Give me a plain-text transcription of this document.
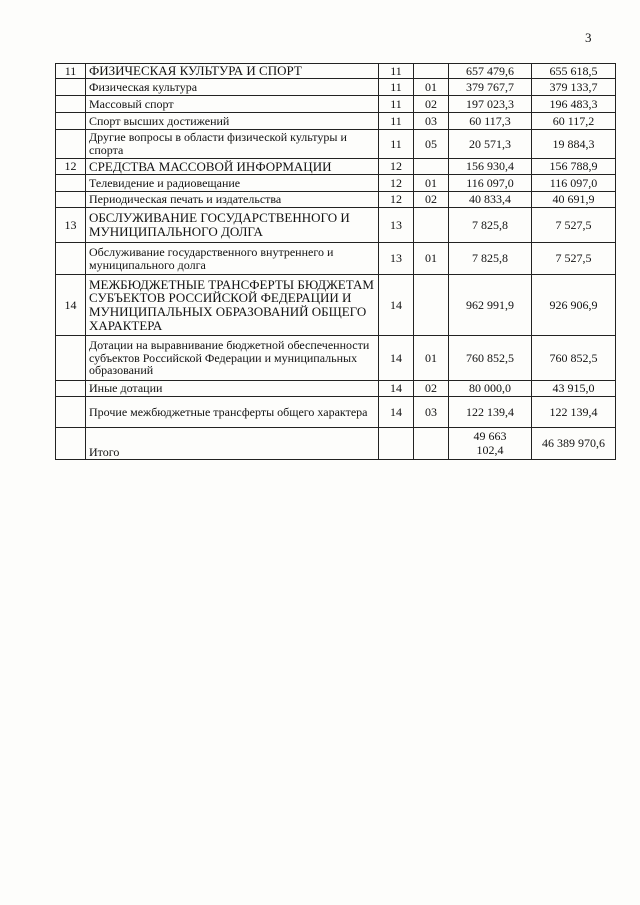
3
11	ФИЗИЧЕСКАЯ КУЛЬТУРА И СПОРТ	11		657 479,6	655 618,5
	Физическая культура	11	01	379 767,7	379 133,7
	Массовый спорт	11	02	197 023,3	196 483,3
	Спорт высших достижений	11	03	60 117,3	60 117,2
	Другие вопросы в области физической культуры и спорта	11	05	20 571,3	19 884,3
12	СРЕДСТВА МАССОВОЙ ИНФОРМАЦИИ	12		156 930,4	156 788,9
	Телевидение и радиовещание	12	01	116 097,0	116 097,0
	Периодическая печать и издательства	12	02	40 833,4	40 691,9
13	ОБСЛУЖИВАНИЕ ГОСУДАРСТВЕННОГО И МУНИЦИПАЛЬНОГО ДОЛГА	13		7 825,8	7 527,5
	Обслуживание государственного внутреннего и муниципального долга	13	01	7 825,8	7 527,5
14	МЕЖБЮДЖЕТНЫЕ ТРАНСФЕРТЫ БЮДЖЕТАМ СУБЪЕКТОВ РОССИЙСКОЙ ФЕДЕРАЦИИ И МУНИЦИПАЛЬНЫХ ОБРАЗОВАНИЙ ОБЩЕГО ХАРАКТЕРА	14		962 991,9	926 906,9
	Дотации на выравнивание бюджетной обеспеченности субъектов Российской Федерации и муниципальных образований	14	01	760 852,5	760 852,5
	Иные дотации	14	02	80 000,0	43 915,0
	Прочие межбюджетные трансферты общего характера	14	03	122 139,4	122 139,4
	Итого			49 663 102,4	46 389 970,6
